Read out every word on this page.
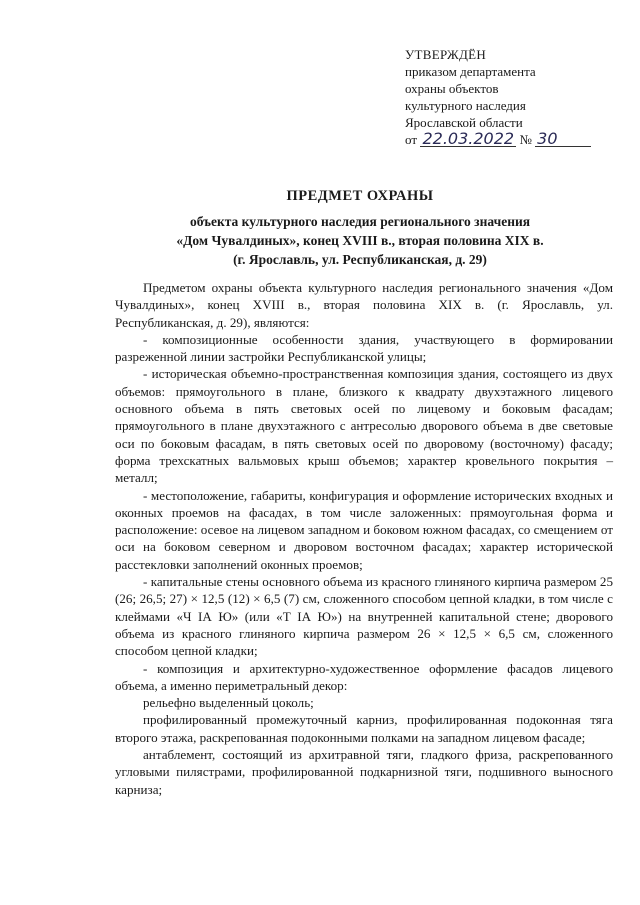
УТВЕРЖДЁН
приказом департамента
охраны объектов
культурного наследия
Ярославской области
от 22.03.2022 № 30
ПРЕДМЕТ ОХРАНЫ
объекта культурного наследия регионального значения
«Дом Чувалдиных», конец XVIII в., вторая половина XIX в.
(г. Ярославль, ул. Республиканская, д. 29)

Предметом охраны объекта культурного наследия регионального значения «Дом Чувалдиных», конец XVIII в., вторая половина XIX в. (г. Ярославль, ул. Республиканская, д. 29), являются:

- композиционные особенности здания, участвующего в формировании разреженной линии застройки Республиканской улицы;

- историческая объемно-пространственная композиция здания, состоящего из двух объемов: прямоугольного в плане, близкого к квадрату двухэтажного лицевого основного объема в пять световых осей по лицевому и боковым фасадам; прямоугольного в плане двухэтажного с антресолью дворового объема в две световые оси по боковым фасадам, в пять световых осей по дворовому (восточному) фасаду; форма трехскатных вальмовых крыш объемов; характер кровельного покрытия – металл;

- местоположение, габариты, конфигурация и оформление исторических входных и оконных проемов на фасадах, в том числе заложенных: прямоугольная форма и расположение: осевое на лицевом западном и боковом южном фасадах, со смещением от оси на боковом северном и дворовом восточном фасадах; характер исторической расстекловки заполнений оконных проемов;

- капитальные стены основного объема из красного глиняного кирпича размером 25 (26; 26,5; 27) × 12,5 (12) × 6,5 (7) см, сложенного способом цепной кладки, в том числе с клеймами «Ч ІА Ю» (или «Т ІА Ю») на внутренней капитальной стене; дворового объема из красного глиняного кирпича размером 26 × 12,5 × 6,5 см, сложенного способом цепной кладки;

- композиция и архитектурно-художественное оформление фасадов лицевого объема, а именно периметральный декор:

рельефно выделенный цоколь;

профилированный промежуточный карниз, профилированная подоконная тяга второго этажа, раскрепованная подоконными полками на западном лицевом фасаде;

антаблемент, состоящий из архитравной тяги, гладкого фриза, раскрепованного угловыми пилястрами, профилированной подкарнизной тяги, подшивного выносного карниза;
